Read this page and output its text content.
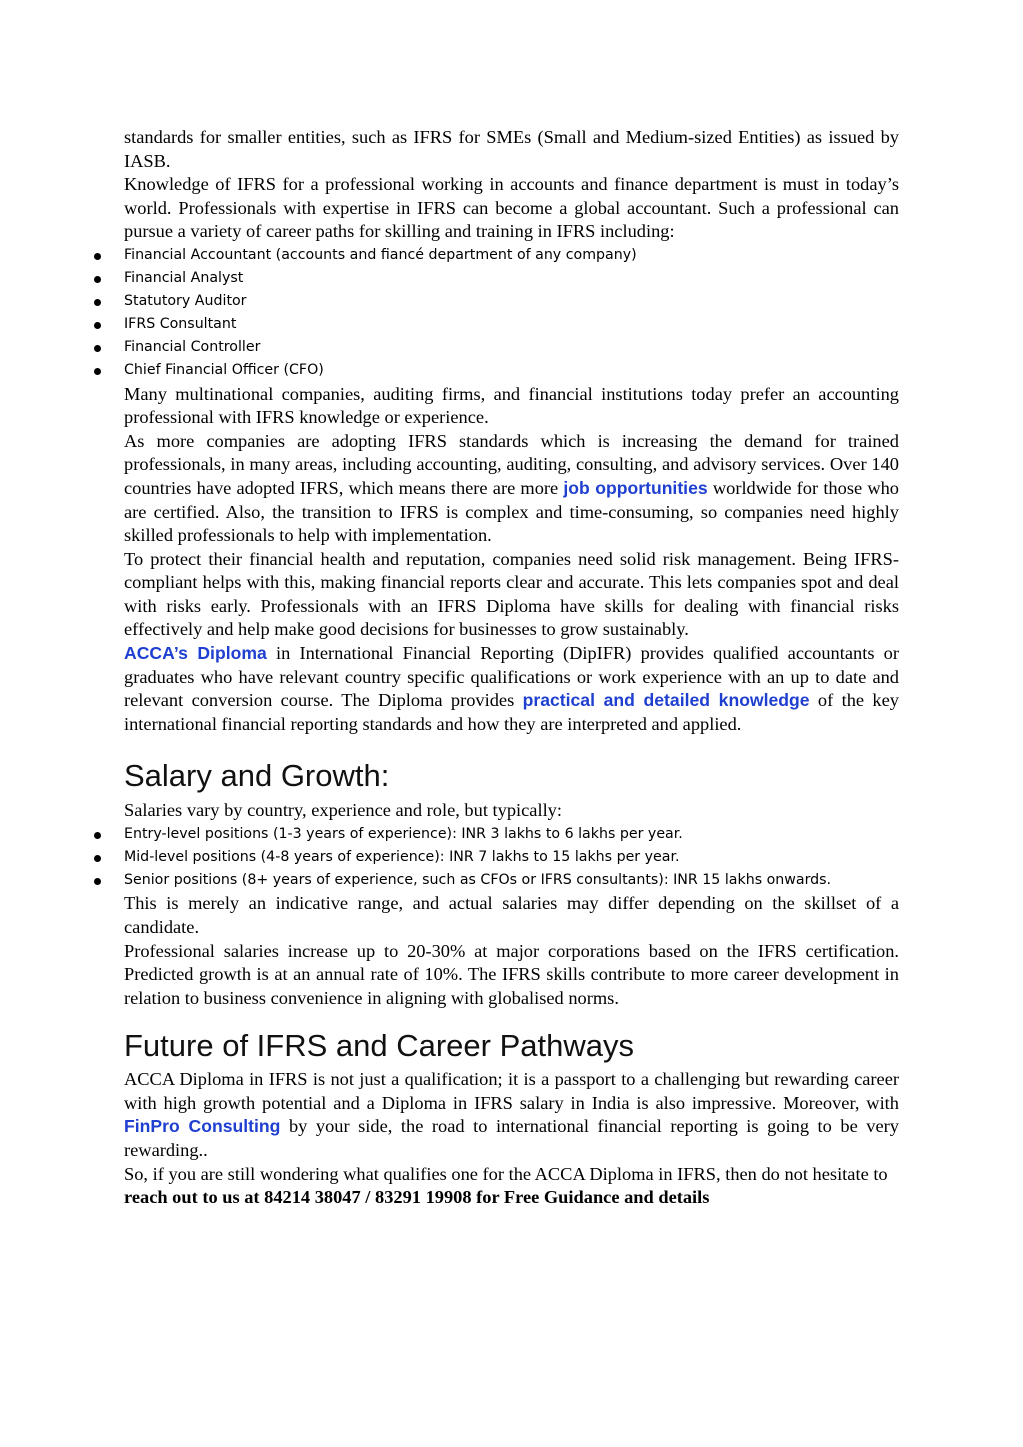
standards for smaller entities, such as IFRS for SMEs (Small and Medium-sized Entities) as issued by IASB.

Knowledge of IFRS for a professional working in accounts and finance department is must in today’s world. Professionals with expertise in IFRS can become a global accountant. Such a professional can pursue a variety of career paths for skilling and training in IFRS including:

Financial Accountant (accounts and fiancé department of any company)
Financial Analyst
Statutory Auditor
IFRS Consultant
Financial Controller
Chief Financial Officer (CFO)

Many multinational companies, auditing firms, and financial institutions today prefer an accounting professional with IFRS knowledge or experience.

As more companies are adopting IFRS standards which is increasing the demand for trained professionals, in many areas, including accounting, auditing, consulting, and advisory services. Over 140 countries have adopted IFRS, which means there are more job opportunities worldwide for those who are certified. Also, the transition to IFRS is complex and time-consuming, so companies need highly skilled professionals to help with implementation.

To protect their financial health and reputation, companies need solid risk management. Being IFRS-compliant helps with this, making financial reports clear and accurate. This lets companies spot and deal with risks early. Professionals with an IFRS Diploma have skills for dealing with financial risks effectively and help make good decisions for businesses to grow sustainably.

ACCA’s Diploma in International Financial Reporting (DipIFR) provides qualified accountants or graduates who have relevant country specific qualifications or work experience with an up to date and relevant conversion course. The Diploma provides practical and detailed knowledge of the key international financial reporting standards and how they are interpreted and applied.

Salary and Growth:

Salaries vary by country, experience and role, but typically:

Entry-level positions (1-3 years of experience): INR 3 lakhs to 6 lakhs per year.
Mid-level positions (4-8 years of experience): INR 7 lakhs to 15 lakhs per year.
Senior positions (8+ years of experience, such as CFOs or IFRS consultants): INR 15 lakhs onwards.

This is merely an indicative range, and actual salaries may differ depending on the skillset of a candidate.

Professional salaries increase up to 20-30% at major corporations based on the IFRS certification. Predicted growth is at an annual rate of 10%. The IFRS skills contribute to more career development in relation to business convenience in aligning with globalised norms.

Future of IFRS and Career Pathways

ACCA Diploma in IFRS is not just a qualification; it is a passport to a challenging but rewarding career with high growth potential and a Diploma in IFRS salary in India is also impressive. Moreover, with FinPro Consulting by your side, the road to international financial reporting is going to be very rewarding..

So, if you are still wondering what qualifies one for the ACCA Diploma in IFRS, then do not hesitate to

reach out to us at 84214 38047 / 83291 19908 for Free Guidance and details
